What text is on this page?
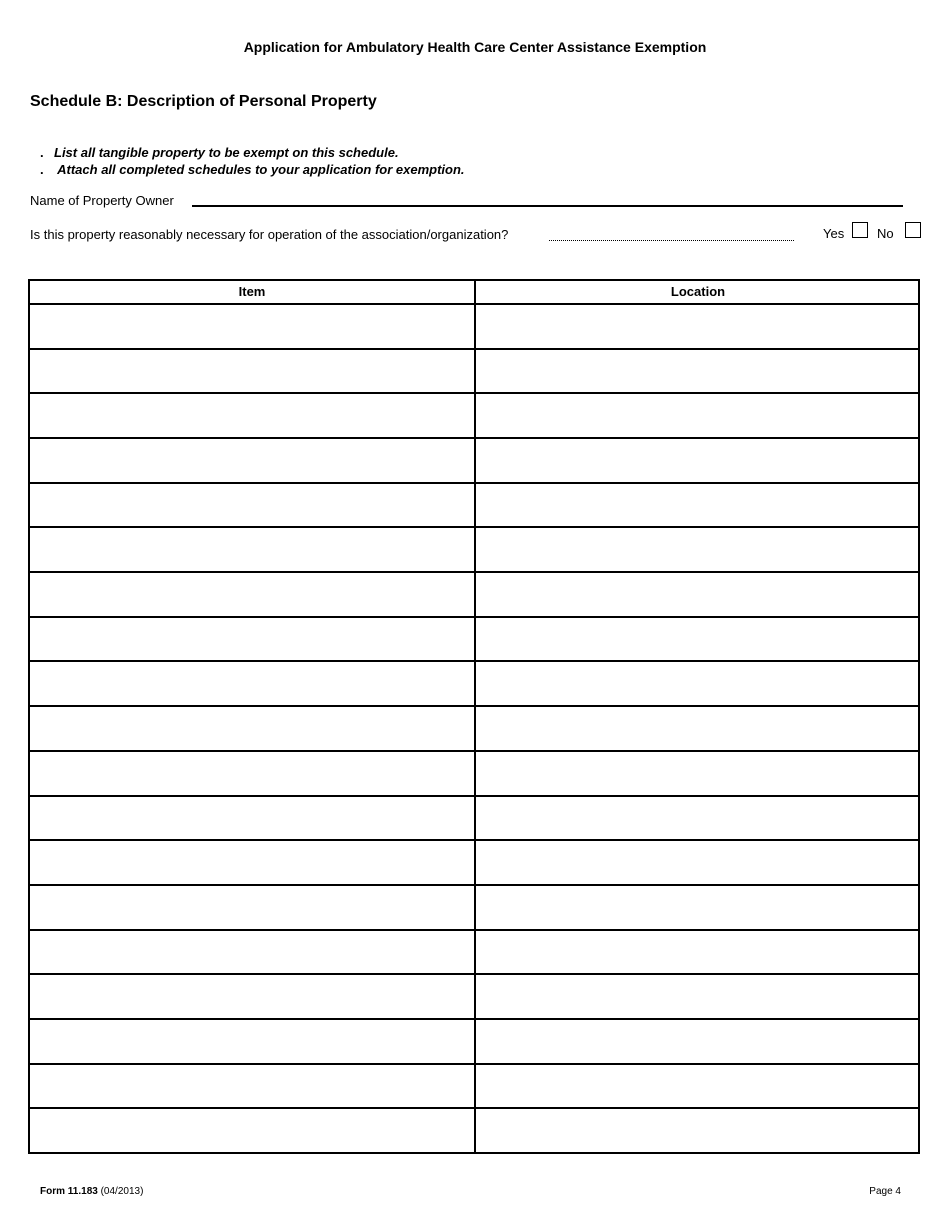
Application for Ambulatory Health Care Center Assistance Exemption
Schedule B: Description of Personal Property
. List all tangible property to be exempt on this schedule.
. Attach all completed schedules to your application for exemption.
Name of Property Owner
Is this property reasonably necessary for operation of the association/organization?	Yes	No
Item	Location
Form 11.183 (04/2013)	Page 4
